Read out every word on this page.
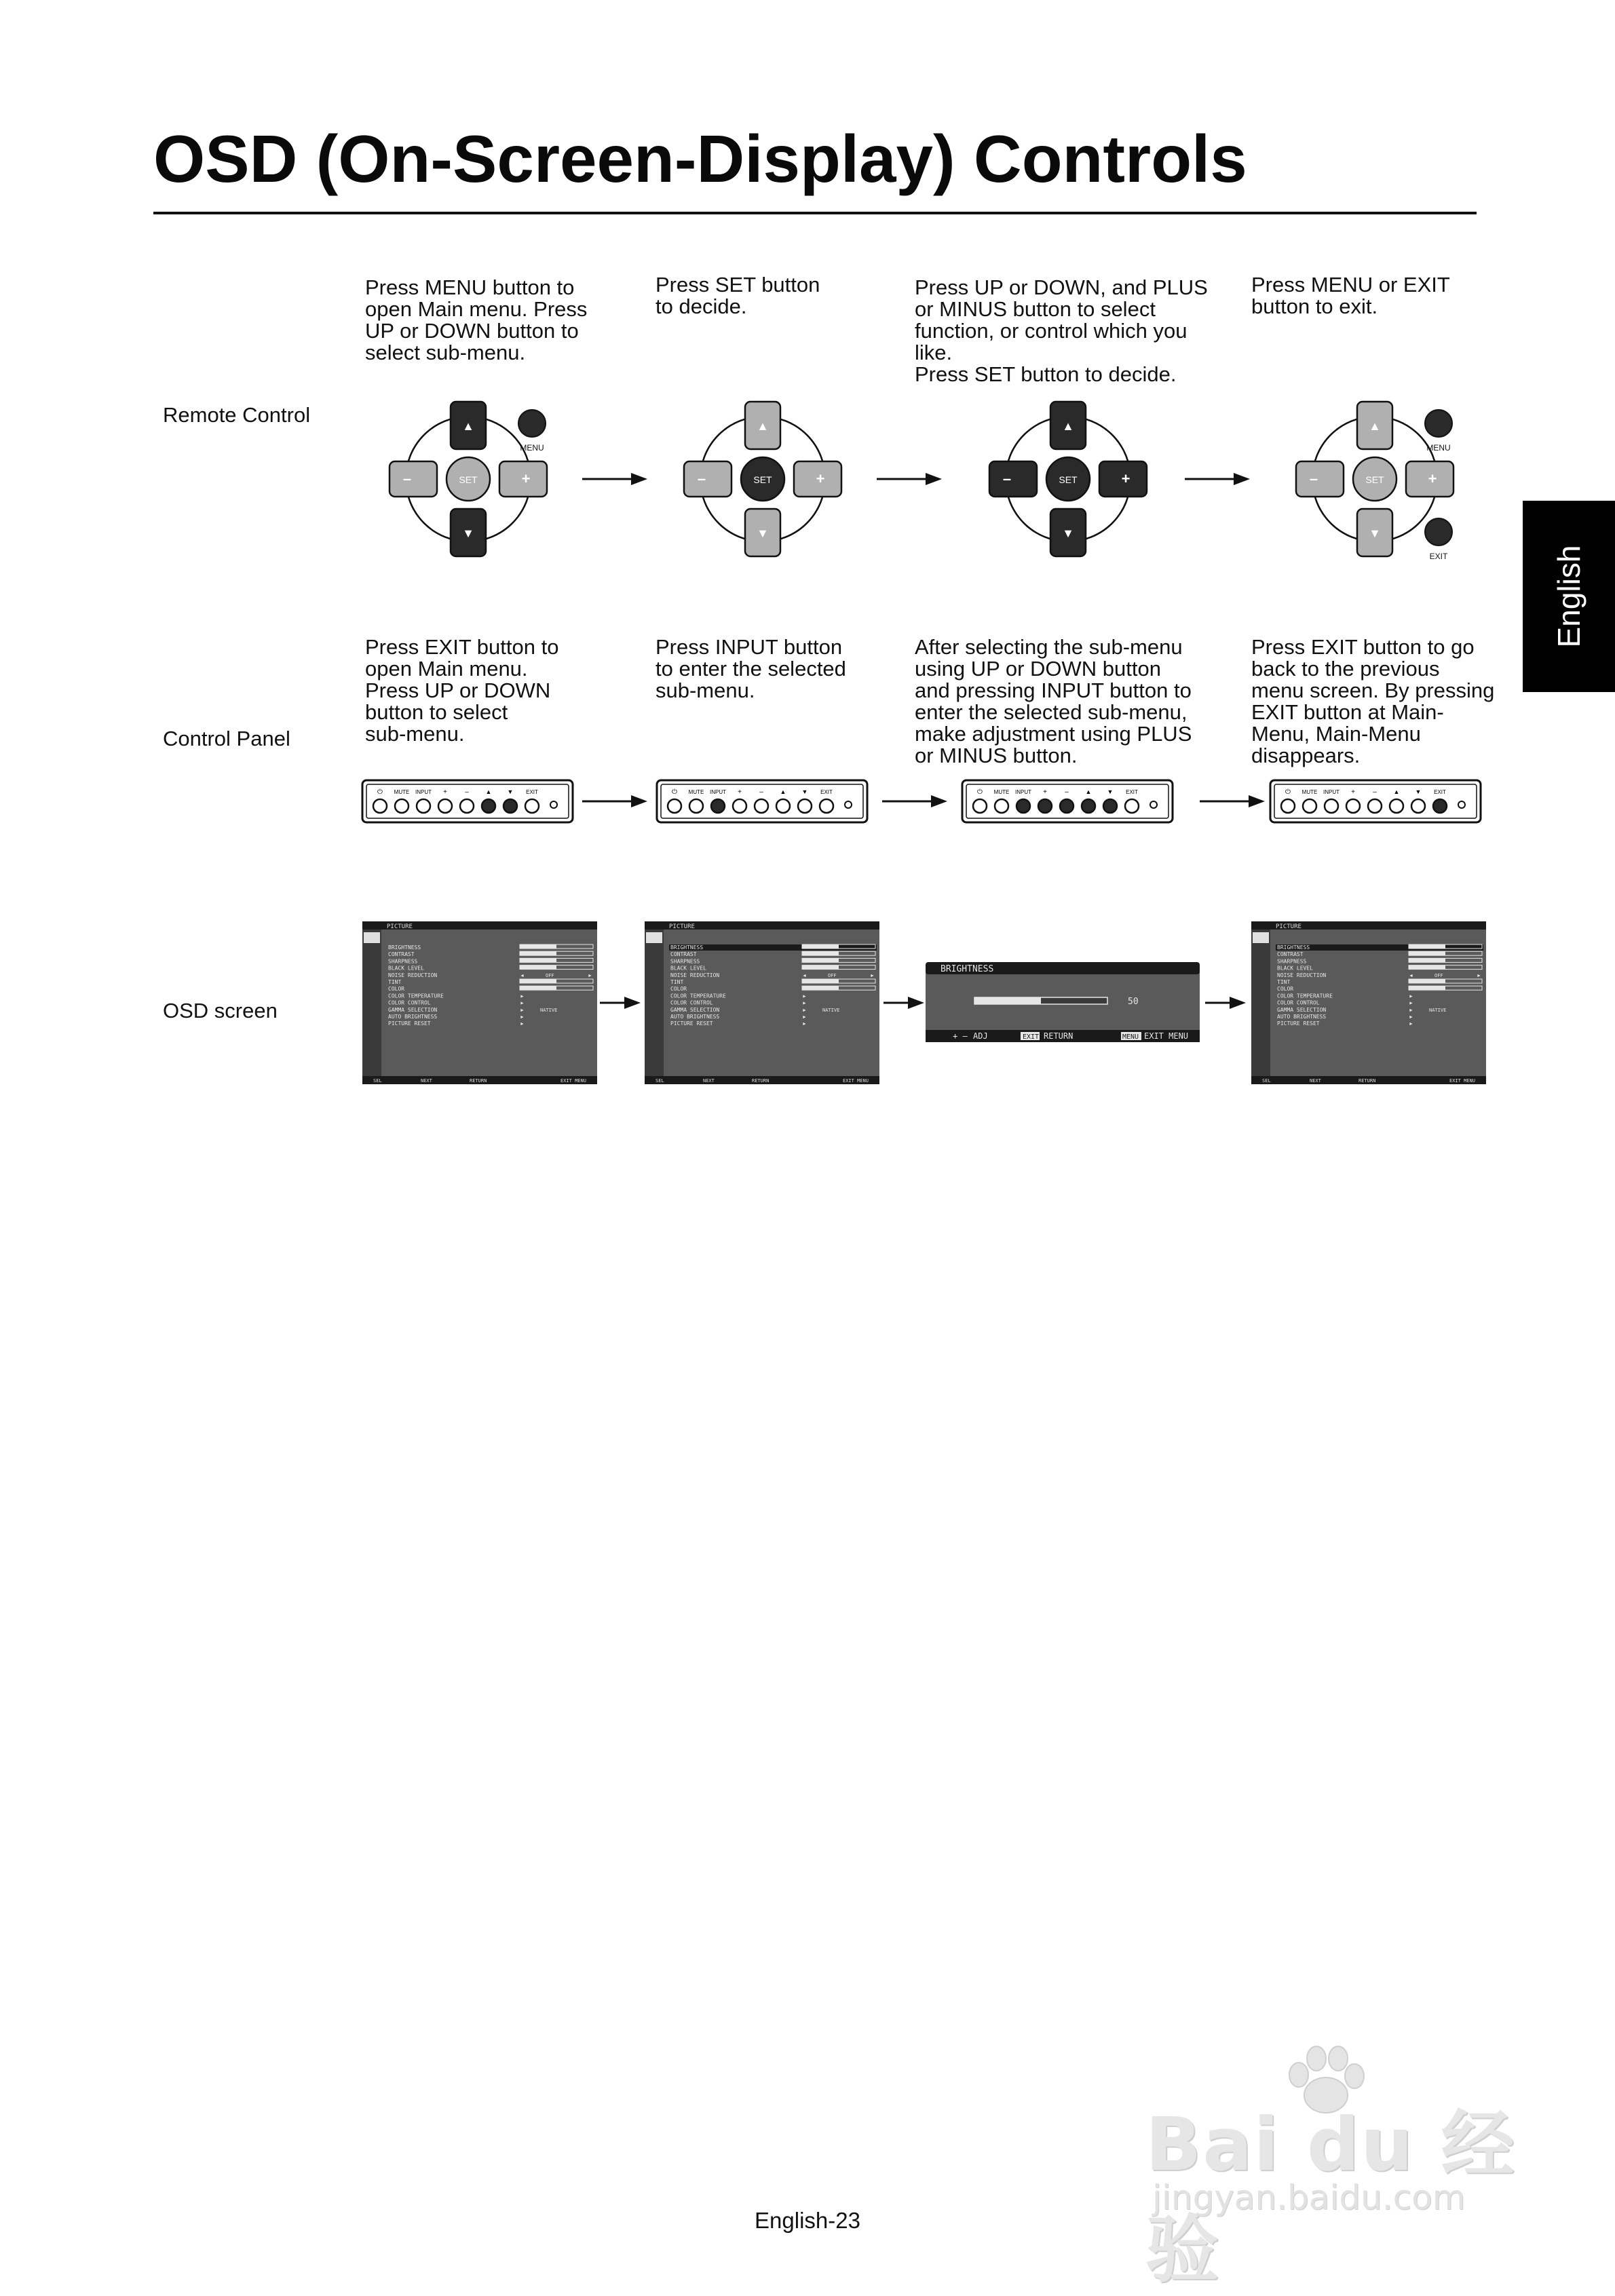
OSD (On-Screen-Display) Controls
English
Remote Control
Control Panel
OSD screen
Press MENU button to
open Main menu. Press
UP or DOWN button to
select sub-menu.
Press SET button
to decide.
Press UP or DOWN, and PLUS
or MINUS button to select
function, or control which you
like.
Press SET button to decide.
Press MENU or EXIT
button to exit.
Press EXIT button to
open Main menu.
Press UP or DOWN
button to select
sub-menu.
Press INPUT button
to enter the selected
sub-menu.
After selecting the sub-menu
using UP or DOWN button
and pressing INPUT button to
enter the selected sub-menu,
make adjustment using PLUS
or MINUS button.
Press EXIT button to go
back to the previous
menu screen. By pressing
EXIT button at Main-
Menu, Main-Menu
disappears.
▲
▼
–	+
SET
MENU
▲
▼
–	+
SET
▲
▼
–	+
SET
▲
▼
–	+
SET
MENU
EXIT
⏻ MUTE INPUT +	–	▲	▼ EXIT	⏻ MUTE INPUT +	–	▲	▼ EXIT	⏻ MUTE INPUT +	–	▲	▼ EXIT	⏻ MUTE INPUT +	–	▲	▼ EXIT
PICTURE
BRIGHTNESS
CONTRAST
SHARPNESS
BLACK LEVEL
NOISE REDUCTION	◄	OFF	►
TINT
COLOR
COLOR TEMPERATURE	►
COLOR CONTROL	►
GAMMA SELECTION	►	NATIVE
AUTO BRIGHTNESS	►
PICTURE RESET	►
SEL	NEXT	RETURN	EXIT MENU
PICTURE
BRIGHTNESS
CONTRAST
SHARPNESS
BLACK LEVEL
NOISE REDUCTION	◄	OFF	►
TINT
COLOR
COLOR TEMPERATURE	►
COLOR CONTROL	►
GAMMA SELECTION	►	NATIVE
AUTO BRIGHTNESS	►
PICTURE RESET	►
SEL	NEXT	RETURN	EXIT MENU
BRIGHTNESS
50
+ – ADJ	EXIT RETURN	MENU EXIT MENU
PICTURE
BRIGHTNESS
CONTRAST
SHARPNESS
BLACK LEVEL
NOISE REDUCTION	◄	OFF	►
TINT
COLOR
COLOR TEMPERATURE	►
COLOR CONTROL	►
GAMMA SELECTION	►	NATIVE
AUTO BRIGHTNESS	►
PICTURE RESET	►
SEL	NEXT	RETURN	EXIT MENU
English-23
Bai du 经验
jingyan.baidu.com
